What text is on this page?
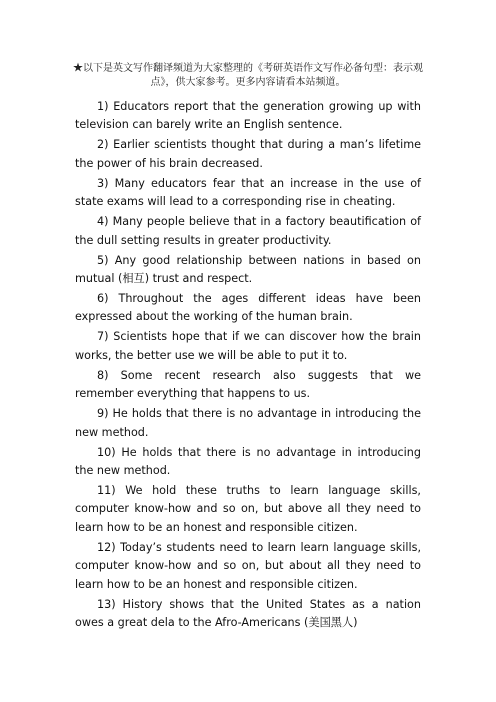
★以下是英文写作翻译频道为大家整理的《考研英语作文写作必备句型：表示观点》，供大家参考。更多内容请看本站频道。

1) Educators report that the generation growing up with television can barely write an English sentence.

2) Earlier scientists thought that during a man’s lifetime the power of his brain decreased.

3) Many educators fear that an increase in the use of state exams will lead to a corresponding rise in cheating.

4) Many people believe that in a factory beautification of the dull setting results in greater productivity.

5) Any good relationship between nations in based on mutual (相互) trust and respect.

6) Throughout the ages different ideas have been expressed about the working of the human brain.

7) Scientists hope that if we can discover how the brain works, the better use we will be able to put it to.

8) Some recent research also suggests that we remember everything that happens to us.

9) He holds that there is no advantage in introducing the new method.

10) He holds that there is no advantage in introducing the new method.

11) We hold these truths to learn language skills, computer know-how and so on, but above all they need to learn how to be an honest and responsible citizen.

12) Today’s students need to learn learn language skills, computer know-how and so on, but about all they need to learn how to be an honest and responsible citizen.

13) History shows that the United States as a nation owes a great dela to the Afro-Americans (美国黑人)
